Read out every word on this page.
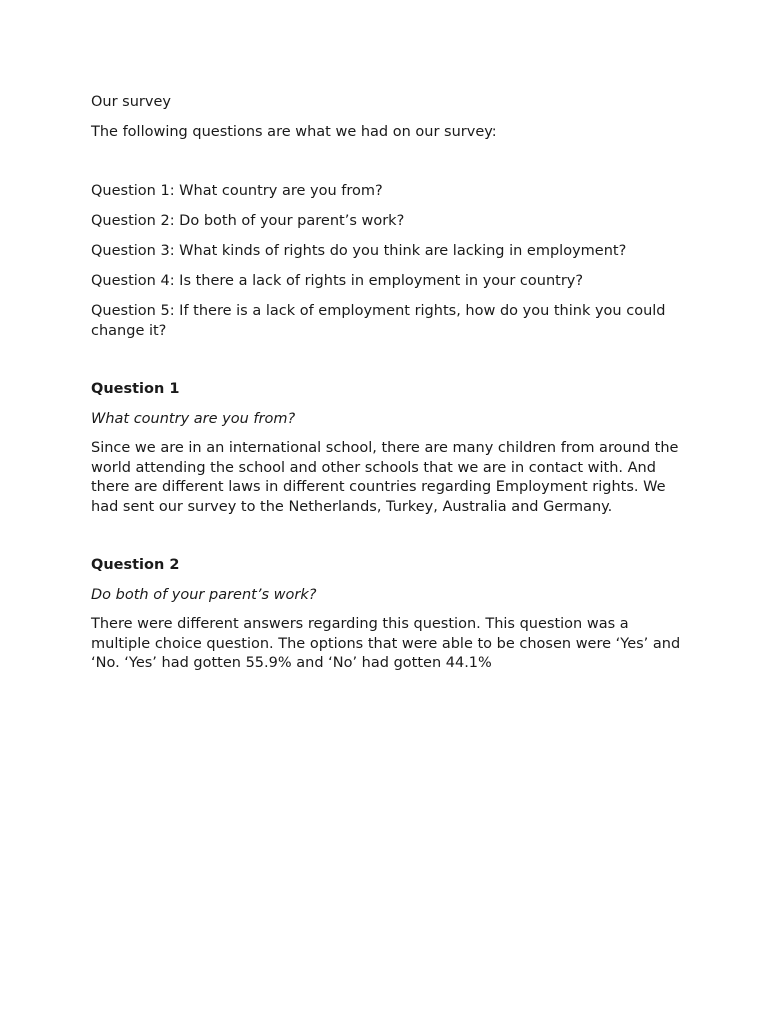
Our survey

The following questions are what we had on our survey:

Question 1: What country are you from?

Question 2: Do both of your parent’s work?

Question 3: What kinds of rights do you think are lacking in employment?

Question 4: Is there a lack of rights in employment in your country?

Question 5: If there is a lack of employment rights, how do you think you could change it?

Question 1

What country are you from?

Since we are in an international school, there are many children from around the world attending the school and other schools that we are in contact with. And there are different laws in different countries regarding Employment rights. We had sent our survey to the Netherlands, Turkey, Australia and Germany.

Question 2

Do both of your parent’s work?

There were different answers regarding this question. This question was a multiple choice question. The options that were able to be chosen were ‘Yes’ and ‘No. ‘Yes’ had gotten 55.9% and ‘No’ had gotten 44.1%
